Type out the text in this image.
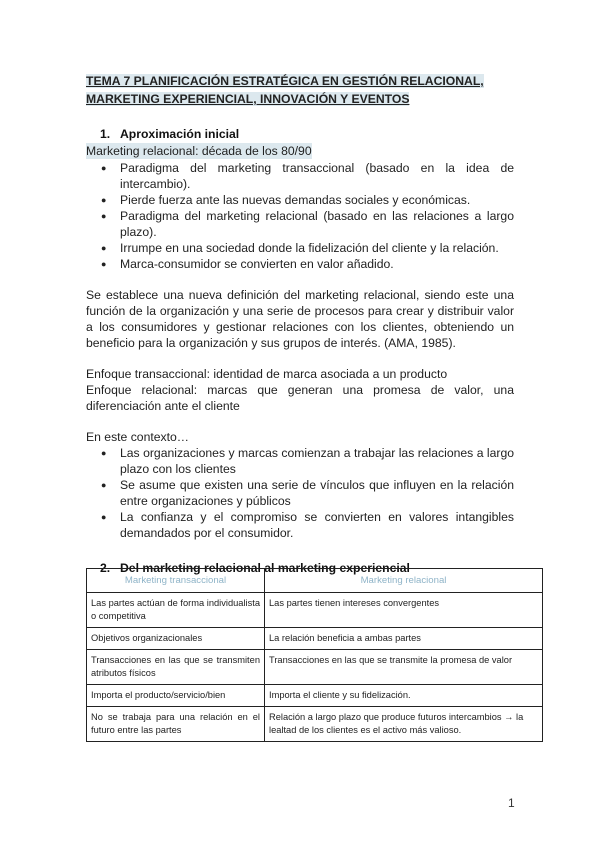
TEMA 7 PLANIFICACIÓN ESTRATÉGICA EN GESTIÓN RELACIONAL,
MARKETING EXPERIENCIAL, INNOVACIÓN Y EVENTOS
1. Aproximación inicial
Marketing relacional: década de los 80/90
● Paradigma del marketing transaccional (basado en la idea de intercambio).
● Pierde fuerza ante las nuevas demandas sociales y económicas.
● Paradigma del marketing relacional (basado en las relaciones a largo plazo).
● Irrumpe en una sociedad donde la fidelización del cliente y la relación.
● Marca-consumidor se convierten en valor añadido.

Se establece una nueva definición del marketing relacional, siendo este una función de la organización y una serie de procesos para crear y distribuir valor a los consumidores y gestionar relaciones con los clientes, obteniendo un beneficio para la organización y sus grupos de interés. (AMA, 1985).

Enfoque transaccional: identidad de marca asociada a un producto

Enfoque relacional: marcas que generan una promesa de valor, una diferenciación ante el cliente

En este contexto…

● Las organizaciones y marcas comienzan a trabajar las relaciones a largo plazo con los clientes
● Se asume que existen una serie de vínculos que influyen en la relación entre organizaciones y públicos
● La confianza y el compromiso se convierten en valores intangibles demandados por el consumidor.
2. Del marketing relacional al marketing experiencial
Marketing transaccional	Marketing relacional
Las partes actúan de forma individualista o competitiva	Las partes tienen intereses convergentes
Objetivos organizacionales	La relación beneficia a ambas partes
Transacciones en las que se transmiten atributos físicos	Transacciones en las que se transmite la promesa de valor
Importa el producto/servicio/bien	Importa el cliente y su fidelización.
No se trabaja para una relación en el futuro entre las partes	Relación a largo plazo que produce futuros intercambios → la lealtad de los clientes es el activo más valioso.
1
